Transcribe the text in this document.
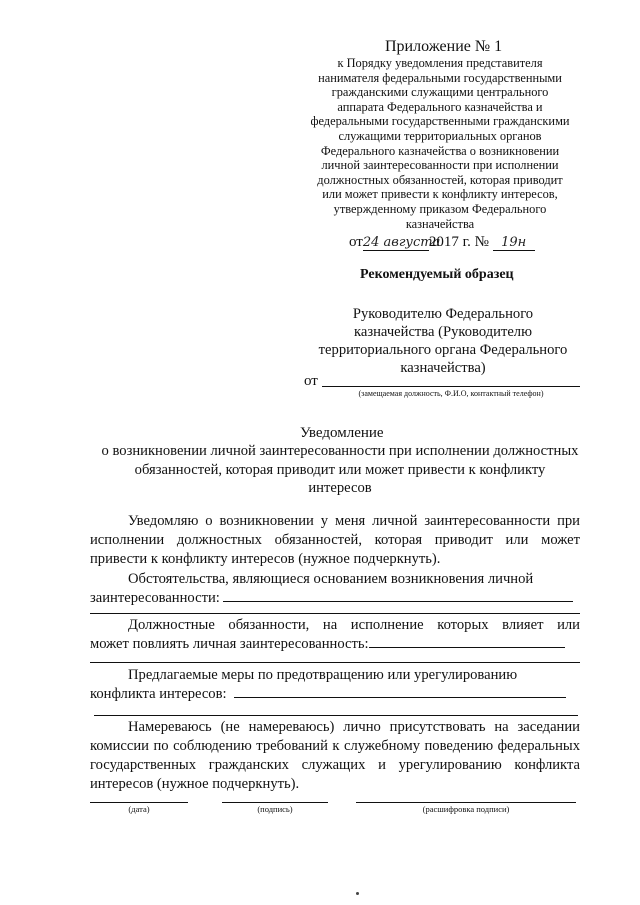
Приложение № 1
к Порядку уведомления представителя
нанимателя федеральными государственными
гражданскими служащими центрального
аппарата Федерального казначейства и
федеральными государственными гражданскими
служащими территориальных органов
Федерального казначейства о возникновении
личной заинтересованности при исполнении
должностных обязанностей, которая приводит
или может привести к конфликту интересов,
утвержденному приказом Федерального
казначейства
от24 августа2017 г. № 19н
Рекомендуемый образец
Руководителю Федерального
казначейства (Руководителю
территориального органа Федерального
казначейства)
от
(замещаемая должность, Ф.И.О, контактный телефон)
Уведомление
о возникновении личной заинтересованности при исполнении должностных
обязанностей, которая приводит или может привести к конфликту
интересов
Уведомляю о возникновении у меня личной заинтересованности при исполнении должностных обязанностей, которая приводит или может привести к конфликту интересов (нужное подчеркнуть).
Обстоятельства, являющиеся основанием возникновения личной
заинтересованности:
Должностные обязанности, на исполнение которых влияет или
может повлиять личная заинтересованность:
Предлагаемые меры по предотвращению или урегулированию
конфликта интересов:
Намереваюсь (не намереваюсь) лично присутствовать на заседании комиссии по соблюдению требований к служебному поведению федеральных государственных гражданских служащих и урегулированию конфликта интересов (нужное подчеркнуть).
(дата)	(подпись)	(расшифровка подписи)
